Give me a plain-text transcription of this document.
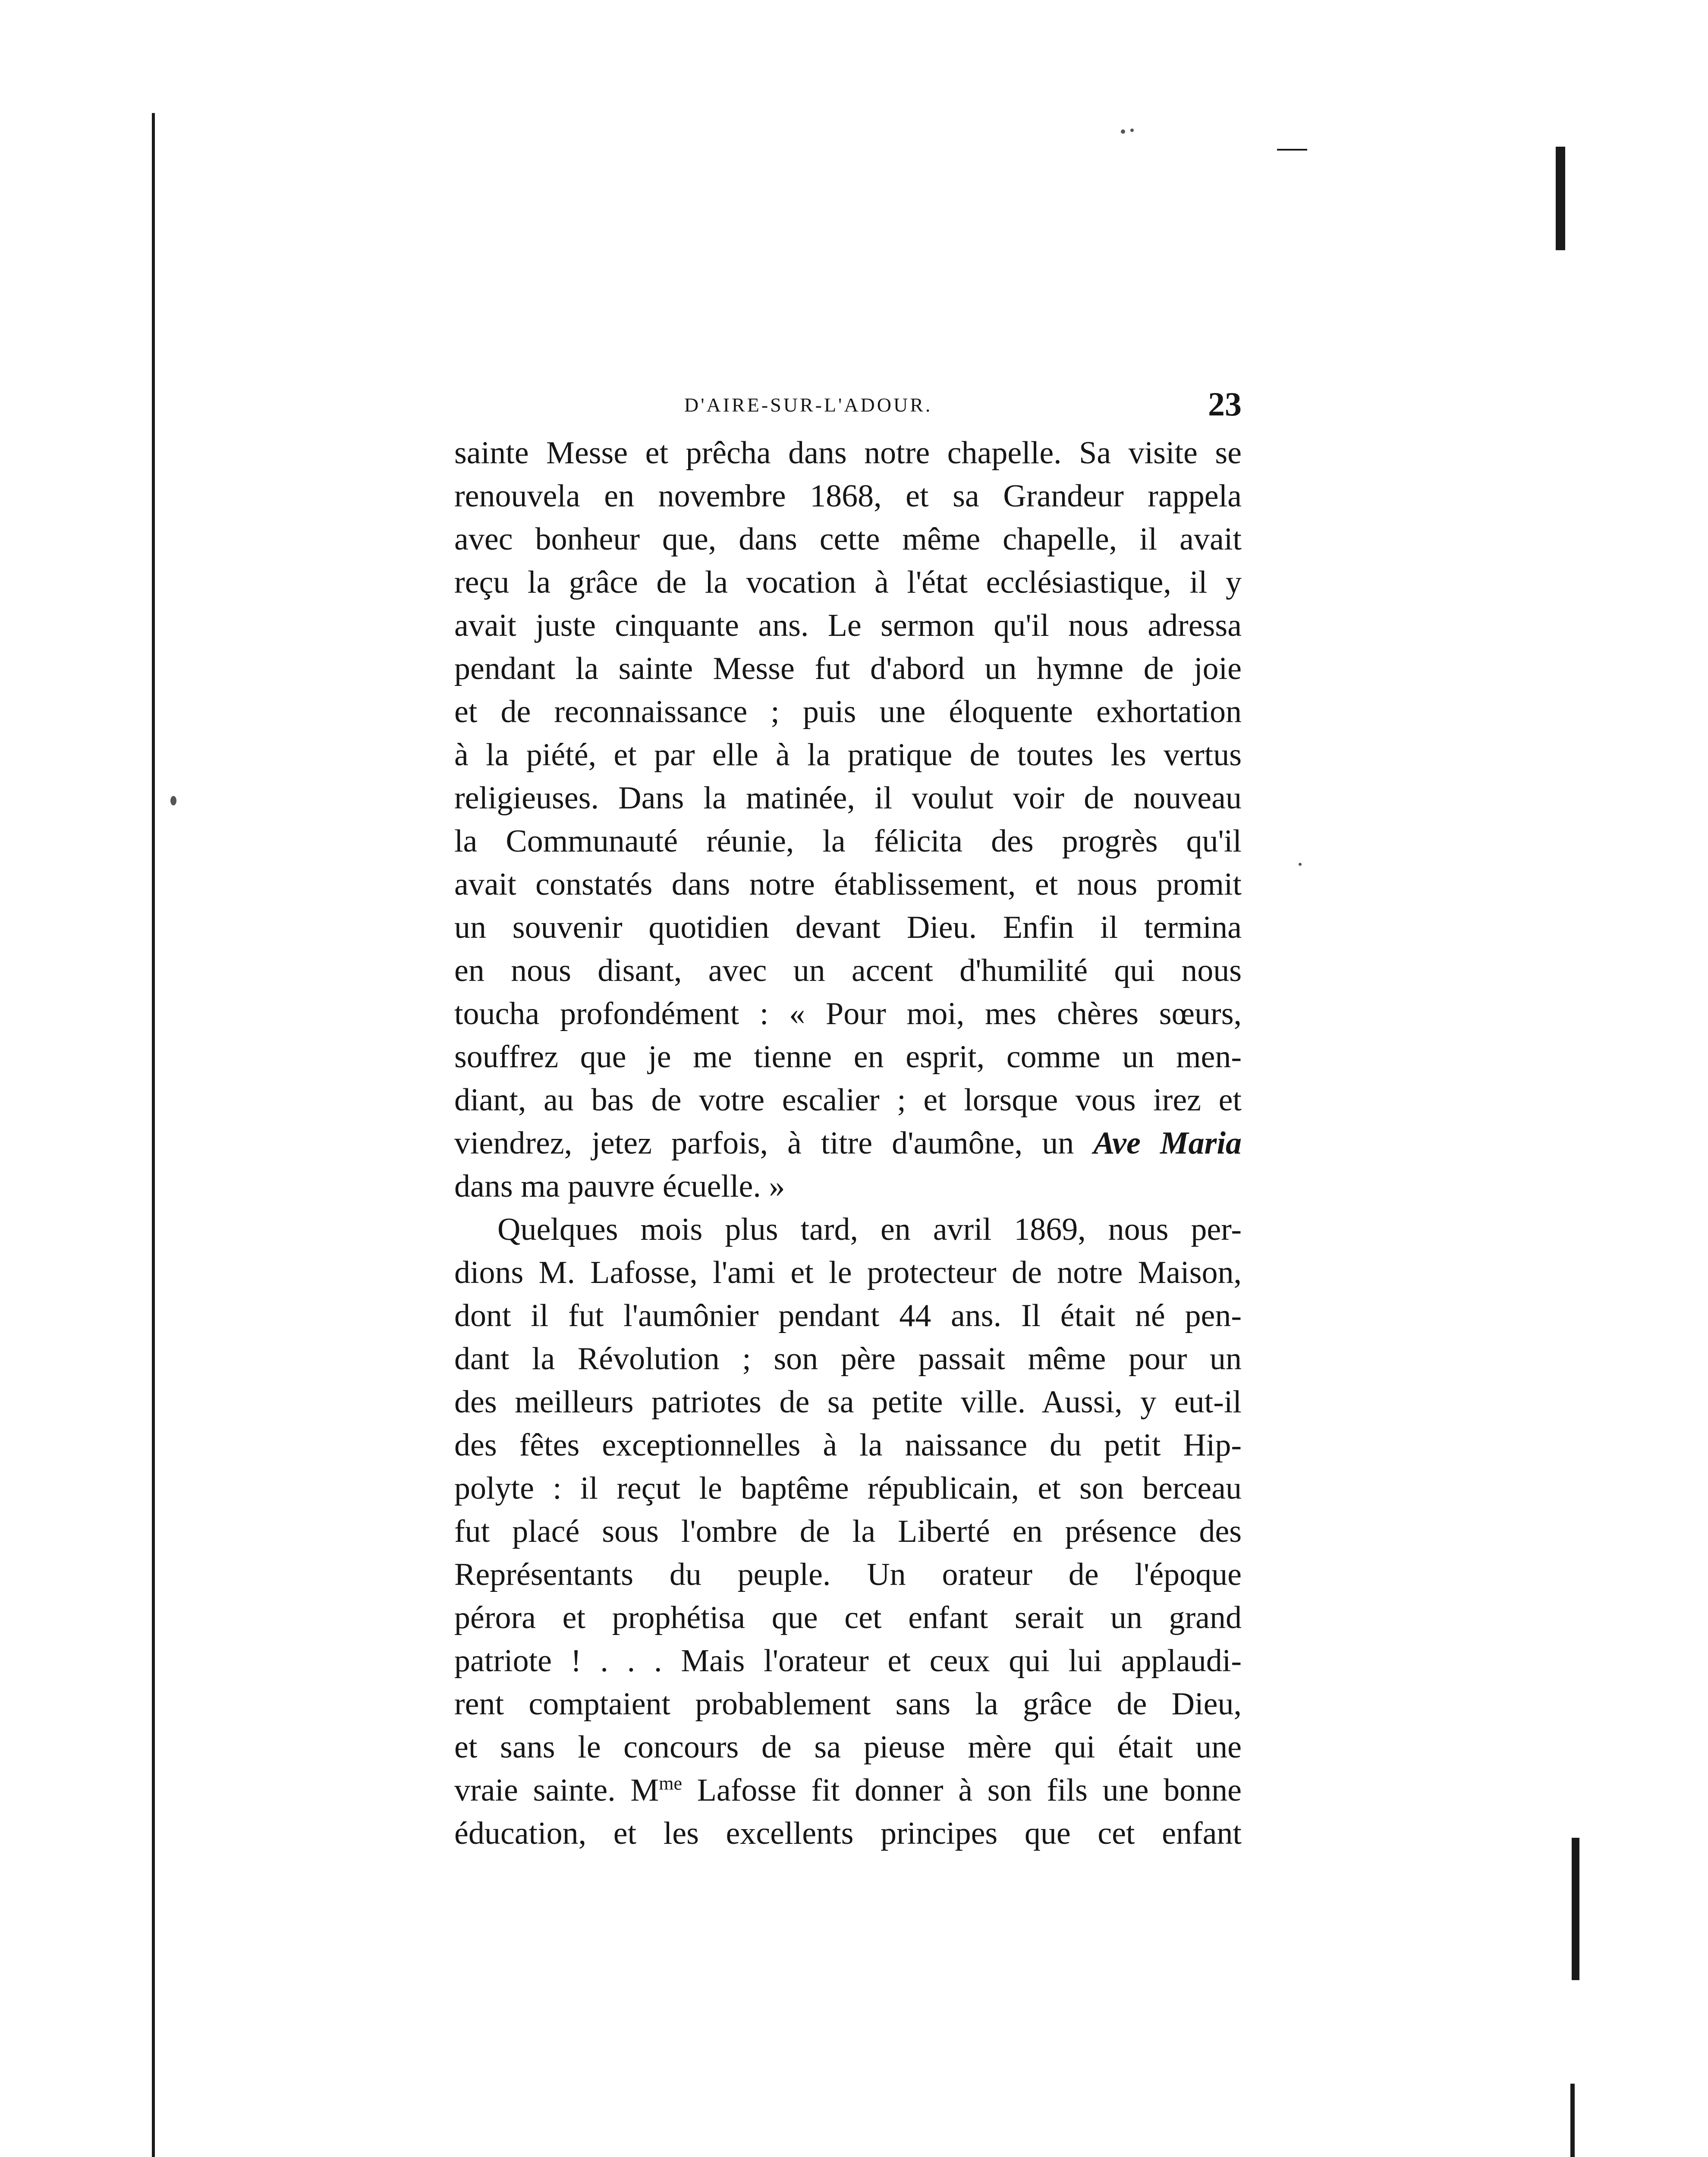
D'AIRE-SUR-L'ADOUR.	23
sainte Messe et prêcha dans notre chapelle. Sa visite se
renouvela en novembre 1868, et sa Grandeur rappela
avec bonheur que, dans cette même chapelle, il avait
reçu la grâce de la vocation à l'état ecclésiastique, il y
avait juste cinquante ans. Le sermon qu'il nous adressa
pendant la sainte Messe fut d'abord un hymne de joie
et de reconnaissance ; puis une éloquente exhortation
à la piété, et par elle à la pratique de toutes les vertus
religieuses. Dans la matinée, il voulut voir de nouveau
la Communauté réunie, la félicita des progrès qu'il
avait constatés dans notre établissement, et nous promit
un souvenir quotidien devant Dieu. Enfin il termina
en nous disant, avec un accent d'humilité qui nous
toucha profondément : « Pour moi, mes chères sœurs,
souffrez que je me tienne en esprit, comme un men-
diant, au bas de votre escalier ; et lorsque vous irez et
viendrez, jetez parfois, à titre d'aumône, un Ave Maria
dans ma pauvre écuelle. »
Quelques mois plus tard, en avril 1869, nous per-
dions M. Lafosse, l'ami et le protecteur de notre Maison,
dont il fut l'aumônier pendant 44 ans. Il était né pen-
dant la Révolution ; son père passait même pour un
des meilleurs patriotes de sa petite ville. Aussi, y eut-il
des fêtes exceptionnelles à la naissance du petit Hip-
polyte : il reçut le baptême républicain, et son berceau
fut placé sous l'ombre de la Liberté en présence des
Représentants du peuple. Un orateur de l'époque
pérora et prophétisa que cet enfant serait un grand
patriote ! . . . Mais l'orateur et ceux qui lui applaudi-
rent comptaient probablement sans la grâce de Dieu,
et sans le concours de sa pieuse mère qui était une
vraie sainte. $M^{me}$ Lafosse fit donner à son fils une bonne
éducation, et les excellents principes que cet enfant
